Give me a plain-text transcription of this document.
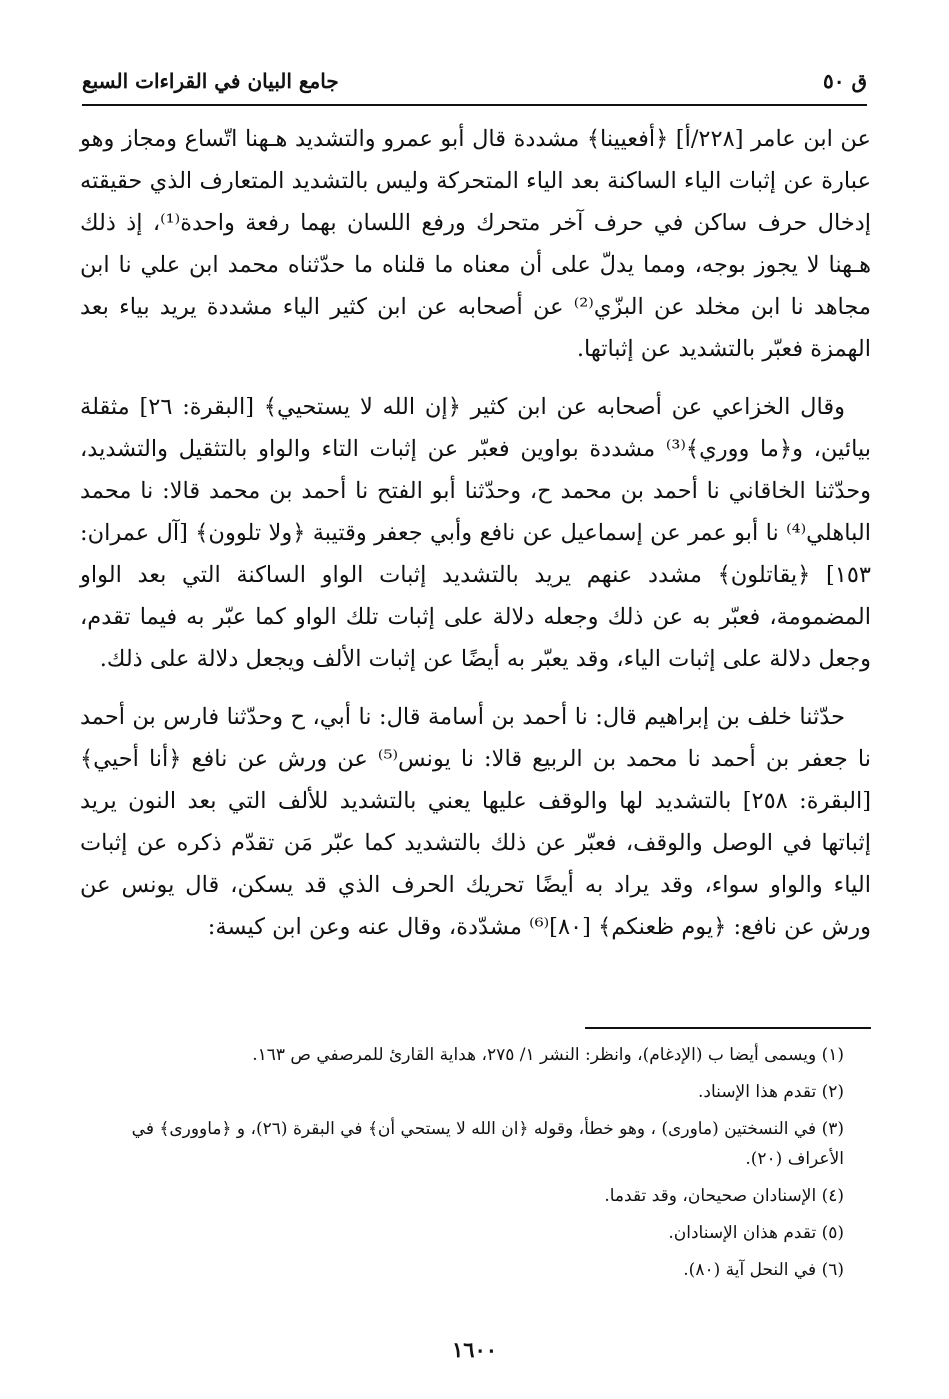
ق ٥٠
جامع البيان في القراءات السبع

عن ابن عامر [٢٢٨/أ] ﴿أفعيينا﴾ مشددة قال أبو عمرو والتشديد هـهنا اتّساع ومجاز وهو عبارة عن إثبات الياء الساكنة بعد الياء المتحركة وليس بالتشديد المتعارف الذي حقيقته إدخال حرف ساكن في حرف آخر متحرك ورفع اللسان بهما رفعة واحدة⁽¹⁾، إذ ذلك هـهنا لا يجوز بوجه، ومما يدلّ على أن معناه ما قلناه ما حدّثناه محمد ابن علي نا ابن مجاهد نا ابن مخلد عن البزّي⁽²⁾ عن أصحابه عن ابن كثير الياء مشددة يريد بياء بعد الهمزة فعبّر بالتشديد عن إثباتها.

وقال الخزاعي عن أصحابه عن ابن كثير ﴿إن الله لا يستحيي﴾ [البقرة: ٢٦] مثقلة بيائين، و﴿ما ووري﴾⁽³⁾ مشددة بواوين فعبّر عن إثبات التاء والواو بالتثقيل والتشديد، وحدّثنا الخاقاني نا أحمد بن محمد ح، وحدّثنا أبو الفتح نا أحمد بن محمد قالا: نا محمد الباهلي⁽⁴⁾ نا أبو عمر عن إسماعيل عن نافع وأبي جعفر وقتيبة ﴿ولا تلوون﴾ [آل عمران: ١٥٣] ﴿يقاتلون﴾ مشدد عنهم يريد بالتشديد إثبات الواو الساكنة التي بعد الواو المضمومة، فعبّر به عن ذلك وجعله دلالة على إثبات تلك الواو كما عبّر به فيما تقدم، وجعل دلالة على إثبات الياء، وقد يعبّر به أيضًا عن إثبات الألف ويجعل دلالة على ذلك.

حدّثنا خلف بن إبراهيم قال: نا أحمد بن أسامة قال: نا أبي، ح وحدّثنا فارس بن أحمد نا جعفر بن أحمد نا محمد بن الربيع قالا: نا يونس⁽⁵⁾ عن ورش عن نافع ﴿أنا أحيي﴾ [البقرة: ٢٥٨] بالتشديد لها والوقف عليها يعني بالتشديد للألف التي بعد النون يريد إثباتها في الوصل والوقف، فعبّر عن ذلك بالتشديد كما عبّر مَن تقدّم ذكره عن إثبات الياء والواو سواء، وقد يراد به أيضًا تحريك الحرف الذي قد يسكن، قال يونس عن ورش عن نافع: ﴿يوم ظعنكم﴾ [٨٠]⁽⁶⁾ مشدّدة، وقال عنه وعن ابن كيسة:

(١) ويسمى أيضا ب (الإدغام)، وانظر: النشر ١/ ٢٧٥، هداية القارئ للمرصفي ص ١٦٣.
(٢) تقدم هذا الإسناد.
(٣) في النسختين (ماورى) ، وهو خطأ، وقوله ﴿ان الله لا يستحي أن﴾ في البقرة (٢٦)، و ﴿ماوورى﴾ في الأعراف (٢٠).
(٤) الإسنادان صحيحان، وقد تقدما.
(٥) تقدم هذان الإسنادان.
(٦) في النحل آية (٨٠).
١٦٠٠
